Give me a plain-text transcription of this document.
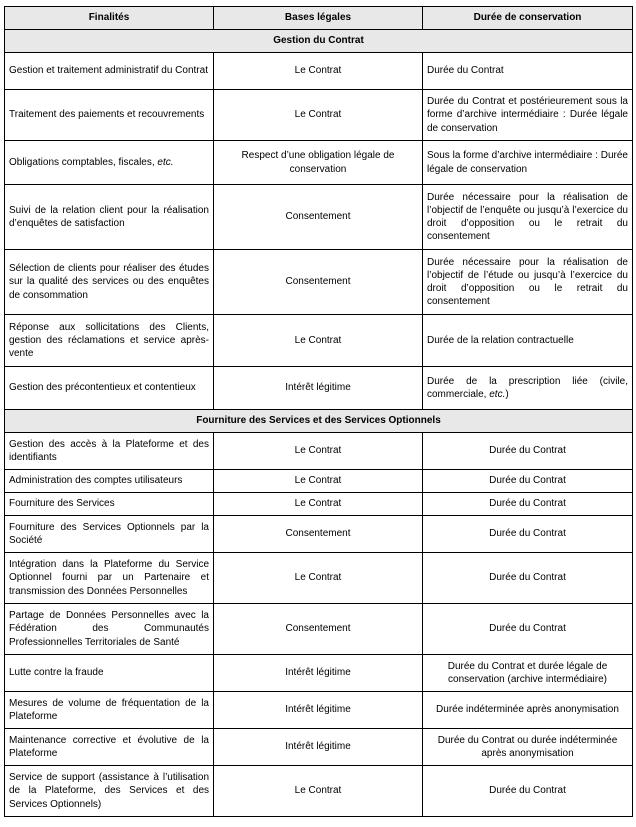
Finalités	Bases légales	Durée de conservation
Gestion du Contrat		
Gestion et traitement administratif du Contrat	Le Contrat	Durée du Contrat
Traitement des paiements et recouvrements	Le Contrat	Durée du Contrat et postérieurement sous la forme d’archive intermédiaire : Durée légale de conservation
Obligations comptables, fiscales, etc.	Respect d’une obligation légale de conservation	Sous la forme d’archive intermédiaire : Durée légale de conservation
Suivi de la relation client pour la réalisation d’enquêtes de satisfaction	Consentement	Durée nécessaire pour la réalisation de l’objectif de l’enquête ou jusqu’à l’exercice du droit d’opposition ou le retrait du consentement
Sélection de clients pour réaliser des études sur la qualité des services ou des enquêtes de consommation	Consentement	Durée nécessaire pour la réalisation de l’objectif de l’étude ou jusqu’à l’exercice du droit d’opposition ou le retrait du consentement
Réponse aux sollicitations des Clients, gestion des réclamations et service après-vente	Le Contrat	Durée de la relation contractuelle
Gestion des précontentieux et contentieux	Intérêt légitime	Durée de la prescription liée (civile, commerciale, etc.)
Fourniture des Services et des Services Optionnels		
Gestion des accès à la Plateforme et des identifiants	Le Contrat	Durée du Contrat
Administration des comptes utilisateurs	Le Contrat	Durée du Contrat
Fourniture des Services	Le Contrat	Durée du Contrat
Fourniture des Services Optionnels par la Société	Consentement	Durée du Contrat
Intégration dans la Plateforme du Service Optionnel fourni par un Partenaire et transmission des Données Personnelles	Le Contrat	Durée du Contrat
Partage de Données Personnelles avec la Fédération des Communautés Professionnelles Territoriales de Santé	Consentement	Durée du Contrat
Lutte contre la fraude	Intérêt légitime	Durée du Contrat et durée légale de conservation (archive intermédiaire)
Mesures de volume de fréquentation de la Plateforme	Intérêt légitime	Durée indéterminée après anonymisation
Maintenance corrective et évolutive de la Plateforme	Intérêt légitime	Durée du Contrat ou durée indéterminée après anonymisation
Service de support (assistance à l’utilisation de la Plateforme, des Services et des Services Optionnels)	Le Contrat	Durée du Contrat
